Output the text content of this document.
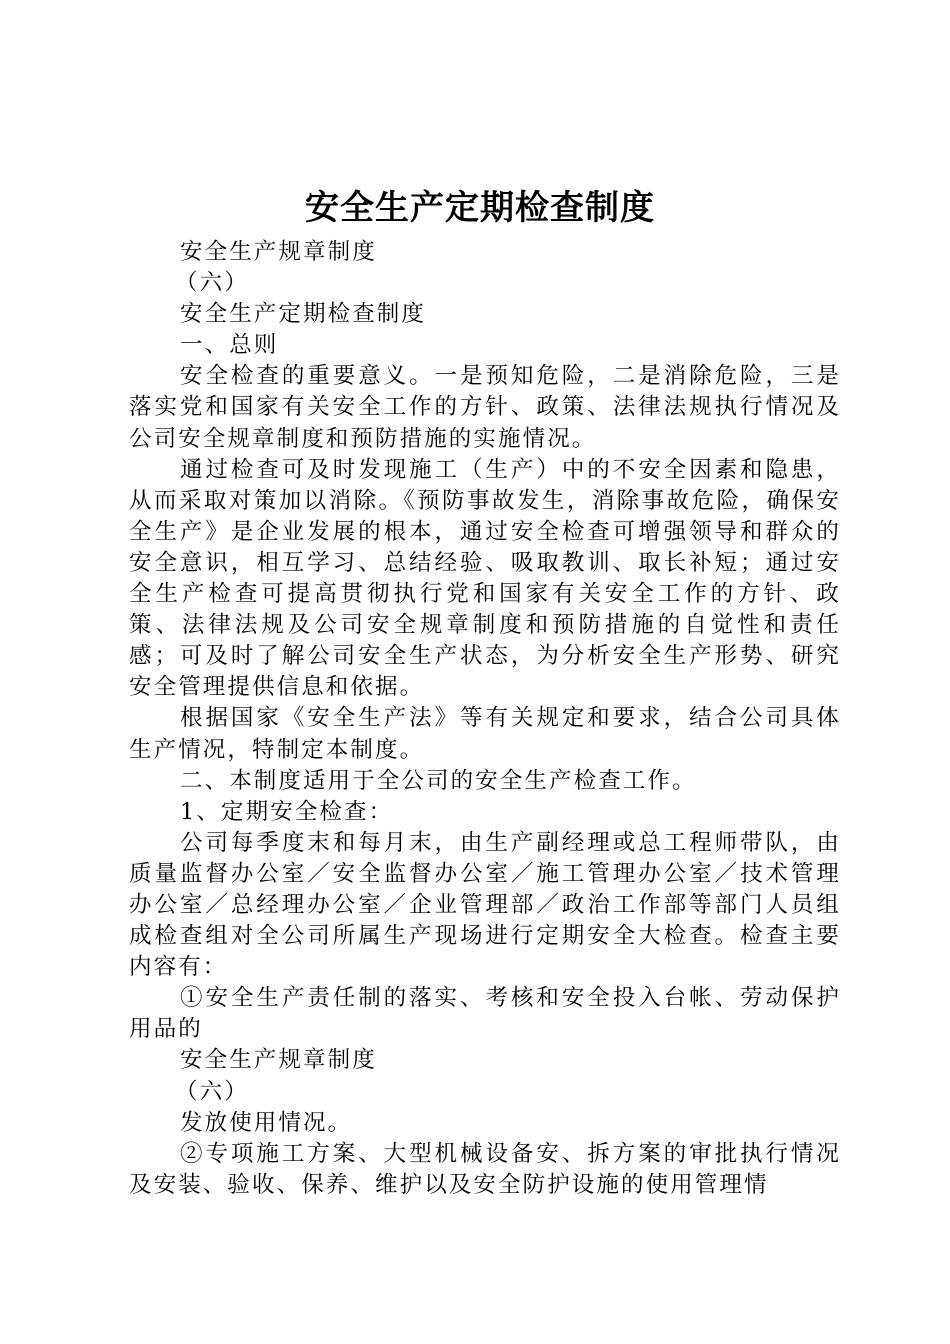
安全生产定期检查制度

安全生产规章制度

（六）

安全生产定期检查制度

一、总则

安全检查的重要意义。一是预知危险，二是消除危险，三是落实党和国家有关安全工作的方针、政策、法律法规执行情况及公司安全规章制度和预防措施的实施情况。

通过检查可及时发现施工（生产）中的不安全因素和隐患，从而采取对策加以消除。《预防事故发生，消除事故危险，确保安全生产》是企业发展的根本，通过安全检查可增强领导和群众的安全意识，相互学习、总结经验、吸取教训、取长补短；通过安全生产检查可提高贯彻执行党和国家有关安全工作的方针、政策、法律法规及公司安全规章制度和预防措施的自觉性和责任感；可及时了解公司安全生产状态，为分析安全生产形势、研究安全管理提供信息和依据。

根据国家《安全生产法》等有关规定和要求，结合公司具体生产情况，特制定本制度。

二、本制度适用于全公司的安全生产检查工作。

1、定期安全检查：

公司每季度末和每月末，由生产副经理或总工程师带队，由质量监督办公室／安全监督办公室／施工管理办公室／技术管理办公室／总经理办公室／企业管理部／政治工作部等部门人员组成检查组对全公司所属生产现场进行定期安全大检查。检查主要内容有：

①安全生产责任制的落实、考核和安全投入台帐、劳动保护用品的

安全生产规章制度

（六）

发放使用情况。

②专项施工方案、大型机械设备安、拆方案的审批执行情况及安装、验收、保养、维护以及安全防护设施的使用管理情
